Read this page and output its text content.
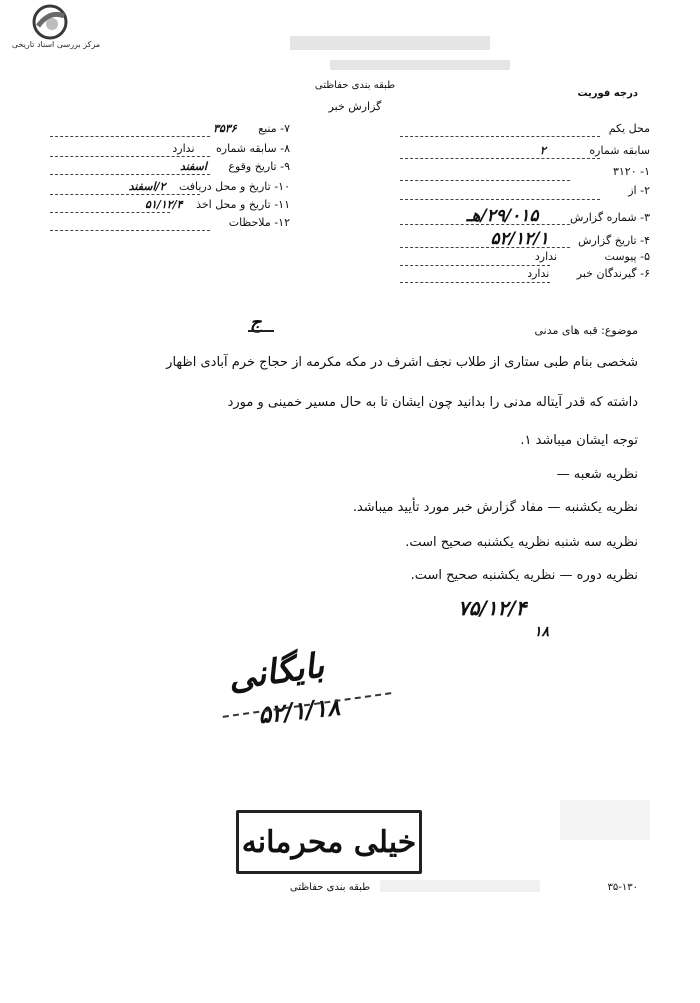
مرکز بررسی اسناد تاریخی
درجه فوریت
طبقه بندی حفاظتی
گزارش خبر
محل یکم
سابقه شماره ۲
۱- ۳۱۲۰
۲- از
۳- شماره گزارش ۲۹/۰۱۵/هـ
۴- تاریخ گزارش ۵۲/۱۲/۱
۵- پیوست ندارد
۶- گیرندگان خبر ندارد
۷- منبع ۳۵۳۶
۸- سابقه شماره ندارد
۹- تاریخ وقوع اسفند
۱۰- تاریخ و محل دریافت ۲/اسفند
۱۱- تاریخ و محل اخذ ۵۱/۱۲/۴
۱۲- ملاحظات
ج	موضوع: قبه های مدنی
شخصی بنام طبی ستاری از طلاب نجف اشرف در مکه مکرمه از حجاج خرم آبادی اظهار
داشته که قدر آیتاله مدنی را بدانید چون ایشان تا به حال مسیر خمینی و مورد
توجه ایشان میباشد ۱.
نظریه شعبه —
نظریه یکشنبه — مفاد گزارش خبر مورد تأیید میباشد.
نظریه سه شنبه نظریه یکشنبه صحیح است.
نظریه دوره — نظریه یکشنبه صحیح است.
۷۵/۱۲/۴
۱۸
بایگانی
۵۲/۱/۱۸
خیلی محرمانه
طبقه بندی حفاظتی	۳۵-۱۳۰
